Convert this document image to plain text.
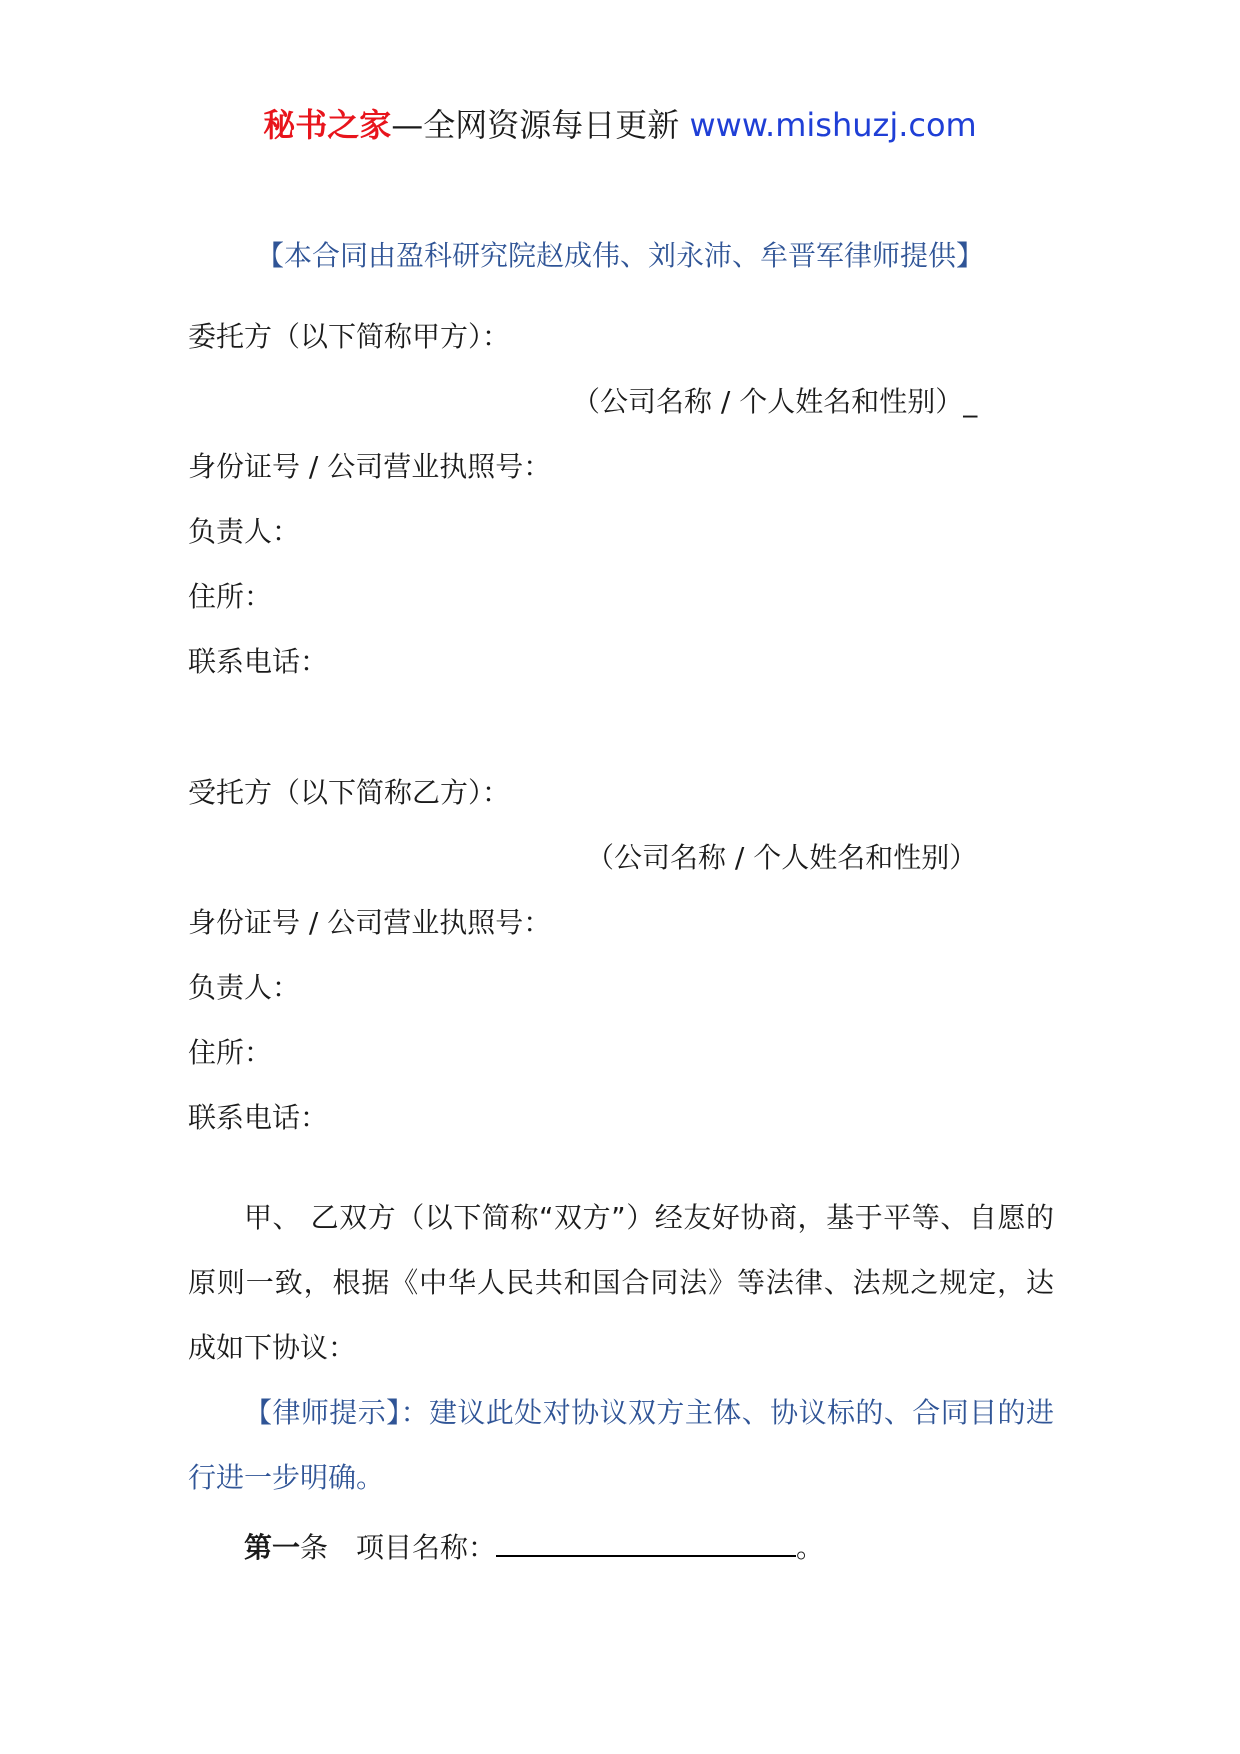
秘书之家—全网资源每日更新 www.mishuzj.com
【本合同由盈科研究院赵成伟、刘永沛、牟晋军律师提供】
委托方（以下简称甲方）：
（公司名称 / 个人姓名和性别）_
身份证号 / 公司营业执照号：
负责人：
住所：
联系电话：
受托方（以下简称乙方）：
（公司名称 / 个人姓名和性别）
身份证号 / 公司营业执照号：
负责人：
住所：
联系电话：
甲、 乙双方（以下简称“双方”）经友好协商，基于平等、自愿的原则一致，根据《中华人民共和国合同法》等法律、法规之规定，达成如下协议：
【律师提示】：建议此处对协议双方主体、协议标的、合同目的进行进一步明确。
第一条 项目名称：	。
